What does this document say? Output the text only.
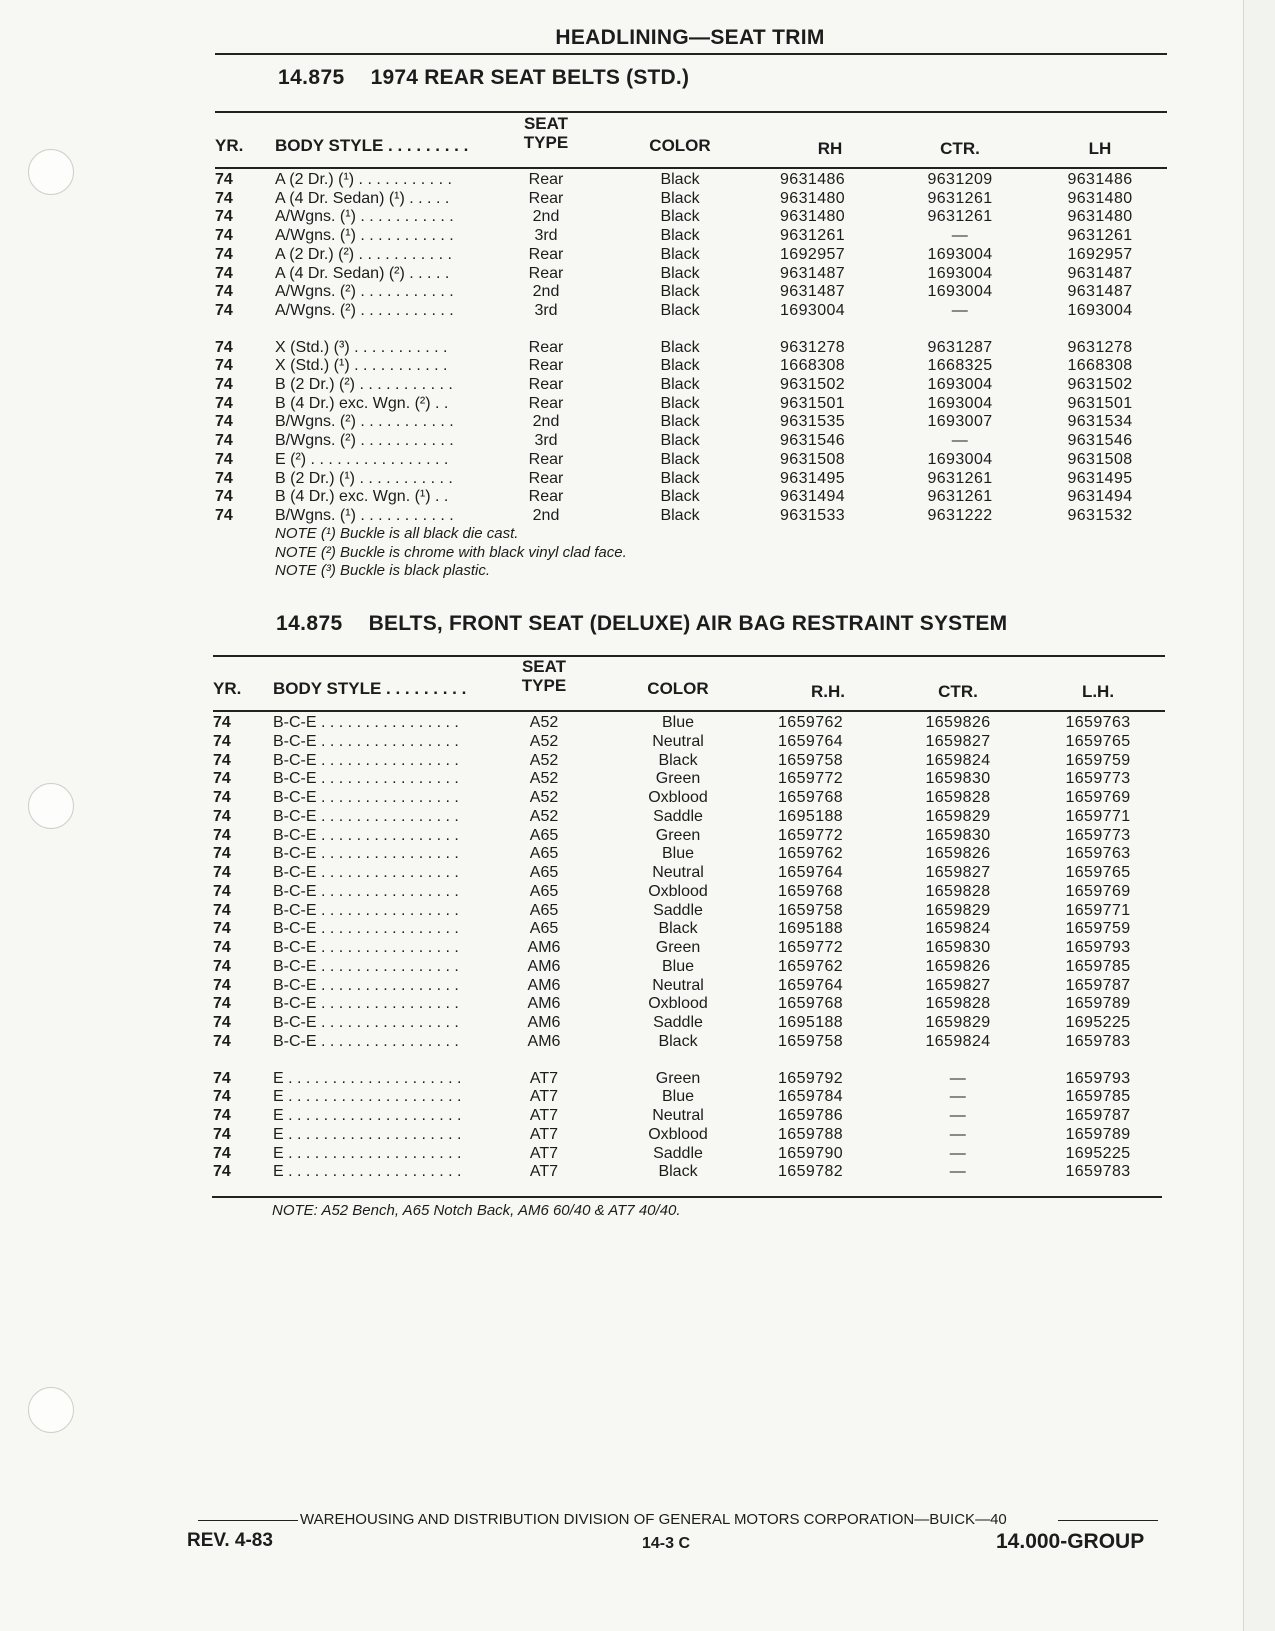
HEADLINING—SEAT TRIM
14.875 1974 REAR SEAT BELTS (STD.)
YR.	BODY STYLE . . . . . . . . .
SEAT
TYPE	COLOR	RH	CTR.	LH
74	A (2 Dr.) (¹) . . . . . . . . . . .	Rear	Black	9631486	9631209	9631486
74	A (4 Dr. Sedan) (¹) . . . . .	Rear	Black	9631480	9631261	9631480
74	A/Wgns. (¹) . . . . . . . . . . .	2nd	Black	9631480	9631261	9631480
74	A/Wgns. (¹) . . . . . . . . . . .	3rd	Black	9631261	—	9631261
74	A (2 Dr.) (²) . . . . . . . . . . .	Rear	Black	1692957	1693004	1692957
74	A (4 Dr. Sedan) (²) . . . . .	Rear	Black	9631487	1693004	9631487
74	A/Wgns. (²) . . . . . . . . . . .	2nd	Black	9631487	1693004	9631487
74	A/Wgns. (²) . . . . . . . . . . .	3rd	Black	1693004	—	1693004
74	X (Std.) (³) . . . . . . . . . . .	Rear	Black	9631278	9631287	9631278
74	X (Std.) (¹) . . . . . . . . . . .	Rear	Black	1668308	1668325	1668308
74	B (2 Dr.) (²) . . . . . . . . . . .	Rear	Black	9631502	1693004	9631502
74	B (4 Dr.) exc. Wgn. (²) . .	Rear	Black	9631501	1693004	9631501
74	B/Wgns. (²) . . . . . . . . . . .	2nd	Black	9631535	1693007	9631534
74	B/Wgns. (²) . . . . . . . . . . .	3rd	Black	9631546	—	9631546
74	E (²) . . . . . . . . . . . . . . . .	Rear	Black	9631508	1693004	9631508
74	B (2 Dr.) (¹) . . . . . . . . . . .	Rear	Black	9631495	9631261	9631495
74	B (4 Dr.) exc. Wgn. (¹) . .	Rear	Black	9631494	9631261	9631494
74	B/Wgns. (¹) . . . . . . . . . . .	2nd	Black	9631533	9631222	9631532
NOTE (¹) Buckle is all black die cast.
NOTE (²) Buckle is chrome with black vinyl clad face.
NOTE (³) Buckle is black plastic.
14.875 BELTS, FRONT SEAT (DELUXE) AIR BAG RESTRAINT SYSTEM
YR.	BODY STYLE . . . . . . . . .
SEAT
TYPE	COLOR	R.H.	CTR.	L.H.
74	B-C-E . . . . . . . . . . . . . . . .	A52	Blue	1659762	1659826	1659763
74	B-C-E . . . . . . . . . . . . . . . .	A52	Neutral	1659764	1659827	1659765
74	B-C-E . . . . . . . . . . . . . . . .	A52	Black	1659758	1659824	1659759
74	B-C-E . . . . . . . . . . . . . . . .	A52	Green	1659772	1659830	1659773
74	B-C-E . . . . . . . . . . . . . . . .	A52	Oxblood	1659768	1659828	1659769
74	B-C-E . . . . . . . . . . . . . . . .	A52	Saddle	1695188	1659829	1659771
74	B-C-E . . . . . . . . . . . . . . . .	A65	Green	1659772	1659830	1659773
74	B-C-E . . . . . . . . . . . . . . . .	A65	Blue	1659762	1659826	1659763
74	B-C-E . . . . . . . . . . . . . . . .	A65	Neutral	1659764	1659827	1659765
74	B-C-E . . . . . . . . . . . . . . . .	A65	Oxblood	1659768	1659828	1659769
74	B-C-E . . . . . . . . . . . . . . . .	A65	Saddle	1659758	1659829	1659771
74	B-C-E . . . . . . . . . . . . . . . .	A65	Black	1695188	1659824	1659759
74	B-C-E . . . . . . . . . . . . . . . .	AM6	Green	1659772	1659830	1659793
74	B-C-E . . . . . . . . . . . . . . . .	AM6	Blue	1659762	1659826	1659785
74	B-C-E . . . . . . . . . . . . . . . .	AM6	Neutral	1659764	1659827	1659787
74	B-C-E . . . . . . . . . . . . . . . .	AM6	Oxblood	1659768	1659828	1659789
74	B-C-E . . . . . . . . . . . . . . . .	AM6	Saddle	1695188	1659829	1695225
74	B-C-E . . . . . . . . . . . . . . . .	AM6	Black	1659758	1659824	1659783
74	E . . . . . . . . . . . . . . . . . . . .	AT7	Green	1659792	—	1659793
74	E . . . . . . . . . . . . . . . . . . . .	AT7	Blue	1659784	—	1659785
74	E . . . . . . . . . . . . . . . . . . . .	AT7	Neutral	1659786	—	1659787
74	E . . . . . . . . . . . . . . . . . . . .	AT7	Oxblood	1659788	—	1659789
74	E . . . . . . . . . . . . . . . . . . . .	AT7	Saddle	1659790	—	1695225
74	E . . . . . . . . . . . . . . . . . . . .	AT7	Black	1659782	—	1659783
NOTE: A52 Bench, A65 Notch Back, AM6 60/40 & AT7 40/40.
WAREHOUSING AND DISTRIBUTION DIVISION OF GENERAL MOTORS CORPORATION—BUICK—40
REV. 4-83	14-3 C	14.000-GROUP
